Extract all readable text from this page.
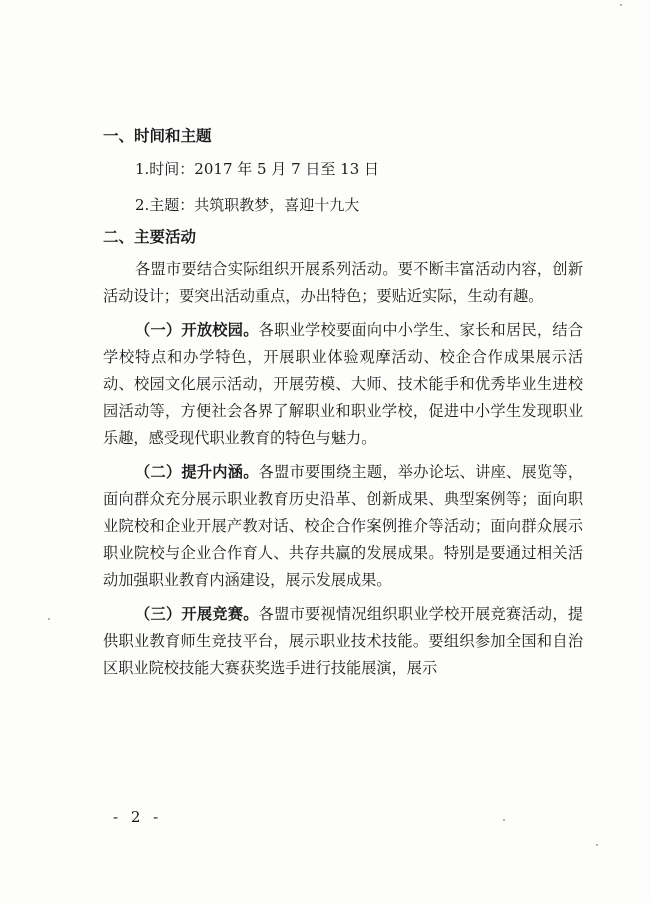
一、时间和主题

1.时间：2017 年 5 月 7 日至 13 日

2.主题：共筑职教梦，喜迎十九大

二、主要活动

各盟市要结合实际组织开展系列活动。要不断丰富活动内容，创新活动设计；要突出活动重点，办出特色；要贴近实际，生动有趣。

（一）开放校园。各职业学校要面向中小学生、家长和居民，结合学校特点和办学特色，开展职业体验观摩活动、校企合作成果展示活动、校园文化展示活动，开展劳模、大师、技术能手和优秀毕业生进校园活动等，方便社会各界了解职业和职业学校，促进中小学生发现职业乐趣，感受现代职业教育的特色与魅力。

（二）提升内涵。各盟市要围绕主题，举办论坛、讲座、展览等，面向群众充分展示职业教育历史沿革、创新成果、典型案例等；面向职业院校和企业开展产教对话、校企合作案例推介等活动；面向群众展示职业院校与企业合作育人、共存共赢的发展成果。特别是要通过相关活动加强职业教育内涵建设，展示发展成果。

（三）开展竞赛。各盟市要视情况组织职业学校开展竞赛活动，提供职业教育师生竞技平台，展示职业技术技能。要组织参加全国和自治区职业院校技能大赛获奖选手进行技能展演，展示

- 2 -
